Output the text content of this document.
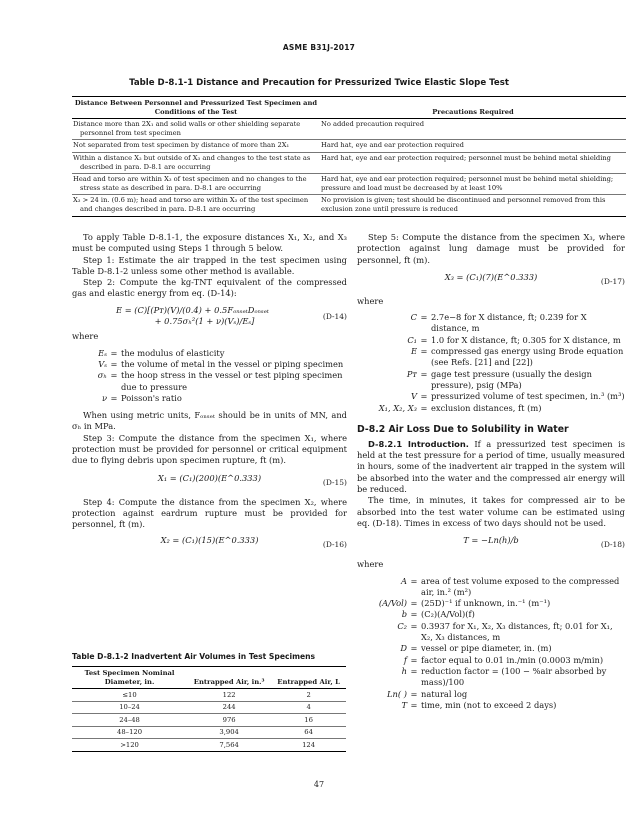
ASME B31J-2017
Table D-8.1-1 Distance and Precaution for Pressurized Twice Elastic Slope Test
Distance Between Personnel and Pressurized Test Specimen and Conditions of the Test	Precautions Required

Distance more than 2X₁ and solid walls or other shielding separate personnel from test specimen	No added precaution required

Not separated from test specimen by distance of more than 2X₁	Hard hat, eye and ear protection required

Within a distance X₂ but outside of X₃ and changes to the test state as described in para. D-8.1 are occurring	Hard hat, eye and ear protection required; personnel must be behind metal shielding

Head and torso are within X₃ of test specimen and no changes to the stress state as described in para. D-8.1 are occurring	Hard hat, eye and ear protection required; personnel must be behind metal shielding; pressure and load must be decreased by at least 10%

X₃ > 24 in. (0.6 m); head and torso are within X₃ of the test specimen and changes described in para. D-8.1 are occurring	No provision is given; test should be discontinued and personnel removed from this exclusion zone until pressure is reduced

To apply Table D-8.1-1, the exposure distances X₁, X₂, and X₃ must be computed using Steps 1 through 5 below.

Step 1: Estimate the air trapped in the test specimen using Table D-8.1-2 unless some other method is available.

Step 2: Compute the kg-TNT equivalent of the compressed gas and elastic energy from eq. (D-14):

E = (C)[(Pᴛ)(V)/(0.4) + 0.5FₒₙₛₑₜDₒₙₛₑₜ
+ 0.75σₕ²(1 + ν)(Vₛ)/Eₛ]	(D-14)

where

Eₛ = the modulus of elasticity
Vₛ = the volume of metal in the vessel or piping specimen
σₕ = the hoop stress in the vessel or test piping specimen due to pressure
ν = Poisson's ratio

When using metric units, Fₒₙₛₑₜ should be in units of MN, and σₕ in MPa.

Step 3: Compute the distance from the specimen X₁, where protection must be provided for personnel or critical equipment due to flying debris upon specimen rupture, ft (m).

X₁ = (C₁)(200)(E^0.333)	(D-15)

Step 4: Compute the distance from the specimen X₂, where protection against eardrum rupture must be provided for personnel, ft (m).

X₂ = (C₁)(15)(E^0.333)	(D-16)
Table D-8.1-2 Inadvertent Air Volumes in Test Specimens
Test Specimen Nominal Diameter, in.	Entrapped Air, in.³	Entrapped Air, L
≤10	122	2
10–24	244	4
24–48	976	16
48–120	3,904	64
>120	7,564	124

Step 5: Compute the distance from the specimen X₃, where protection against lung damage must be provided for personnel, ft (m).

X₃ = (C₁)(7)(E^0.333)	(D-17)

where

C = 2.7e−8 for X distance, ft; 0.239 for X distance, m
C₁ = 1.0 for X distance, ft; 0.305 for X distance, m
E = compressed gas energy using Brode equation (see Refs. [21] and [22])
Pᴛ = gage test pressure (usually the design pressure), psig (MPa)
V = pressurized volume of test specimen, in.³ (m³)
X₁, X₂, X₃ = exclusion distances, ft (m)
D-8.2 Air Loss Due to Solubility in Water

D-8.2.1 Introduction. If a pressurized test specimen is held at the test pressure for a period of time, usually measured in hours, some of the inadvertent air trapped in the system will be absorbed into the water and the compressed air energy will be reduced.

The time, in minutes, it takes for compressed air to be absorbed into the test water volume can be estimated using eq. (D-18). Times in excess of two days should not be used.

T = −Ln(h)/b	(D-18)

where

A = area of test volume exposed to the compressed air, in.² (m²)
(A/Vol) = (25D)⁻¹ if unknown, in.⁻¹ (m⁻¹)
b = (C₂)(A/Vol)(f)
C₂ = 0.3937 for X₁, X₂, X₃ distances, ft; 0.01 for X₁, X₂, X₃ distances, m
D = vessel or pipe diameter, in. (m)
f = factor equal to 0.01 in./min (0.0003 m/min)
h = reduction factor = (100 − %air absorbed by mass)/100
Ln( ) = natural log
T = time, min (not to exceed 2 days)
47
